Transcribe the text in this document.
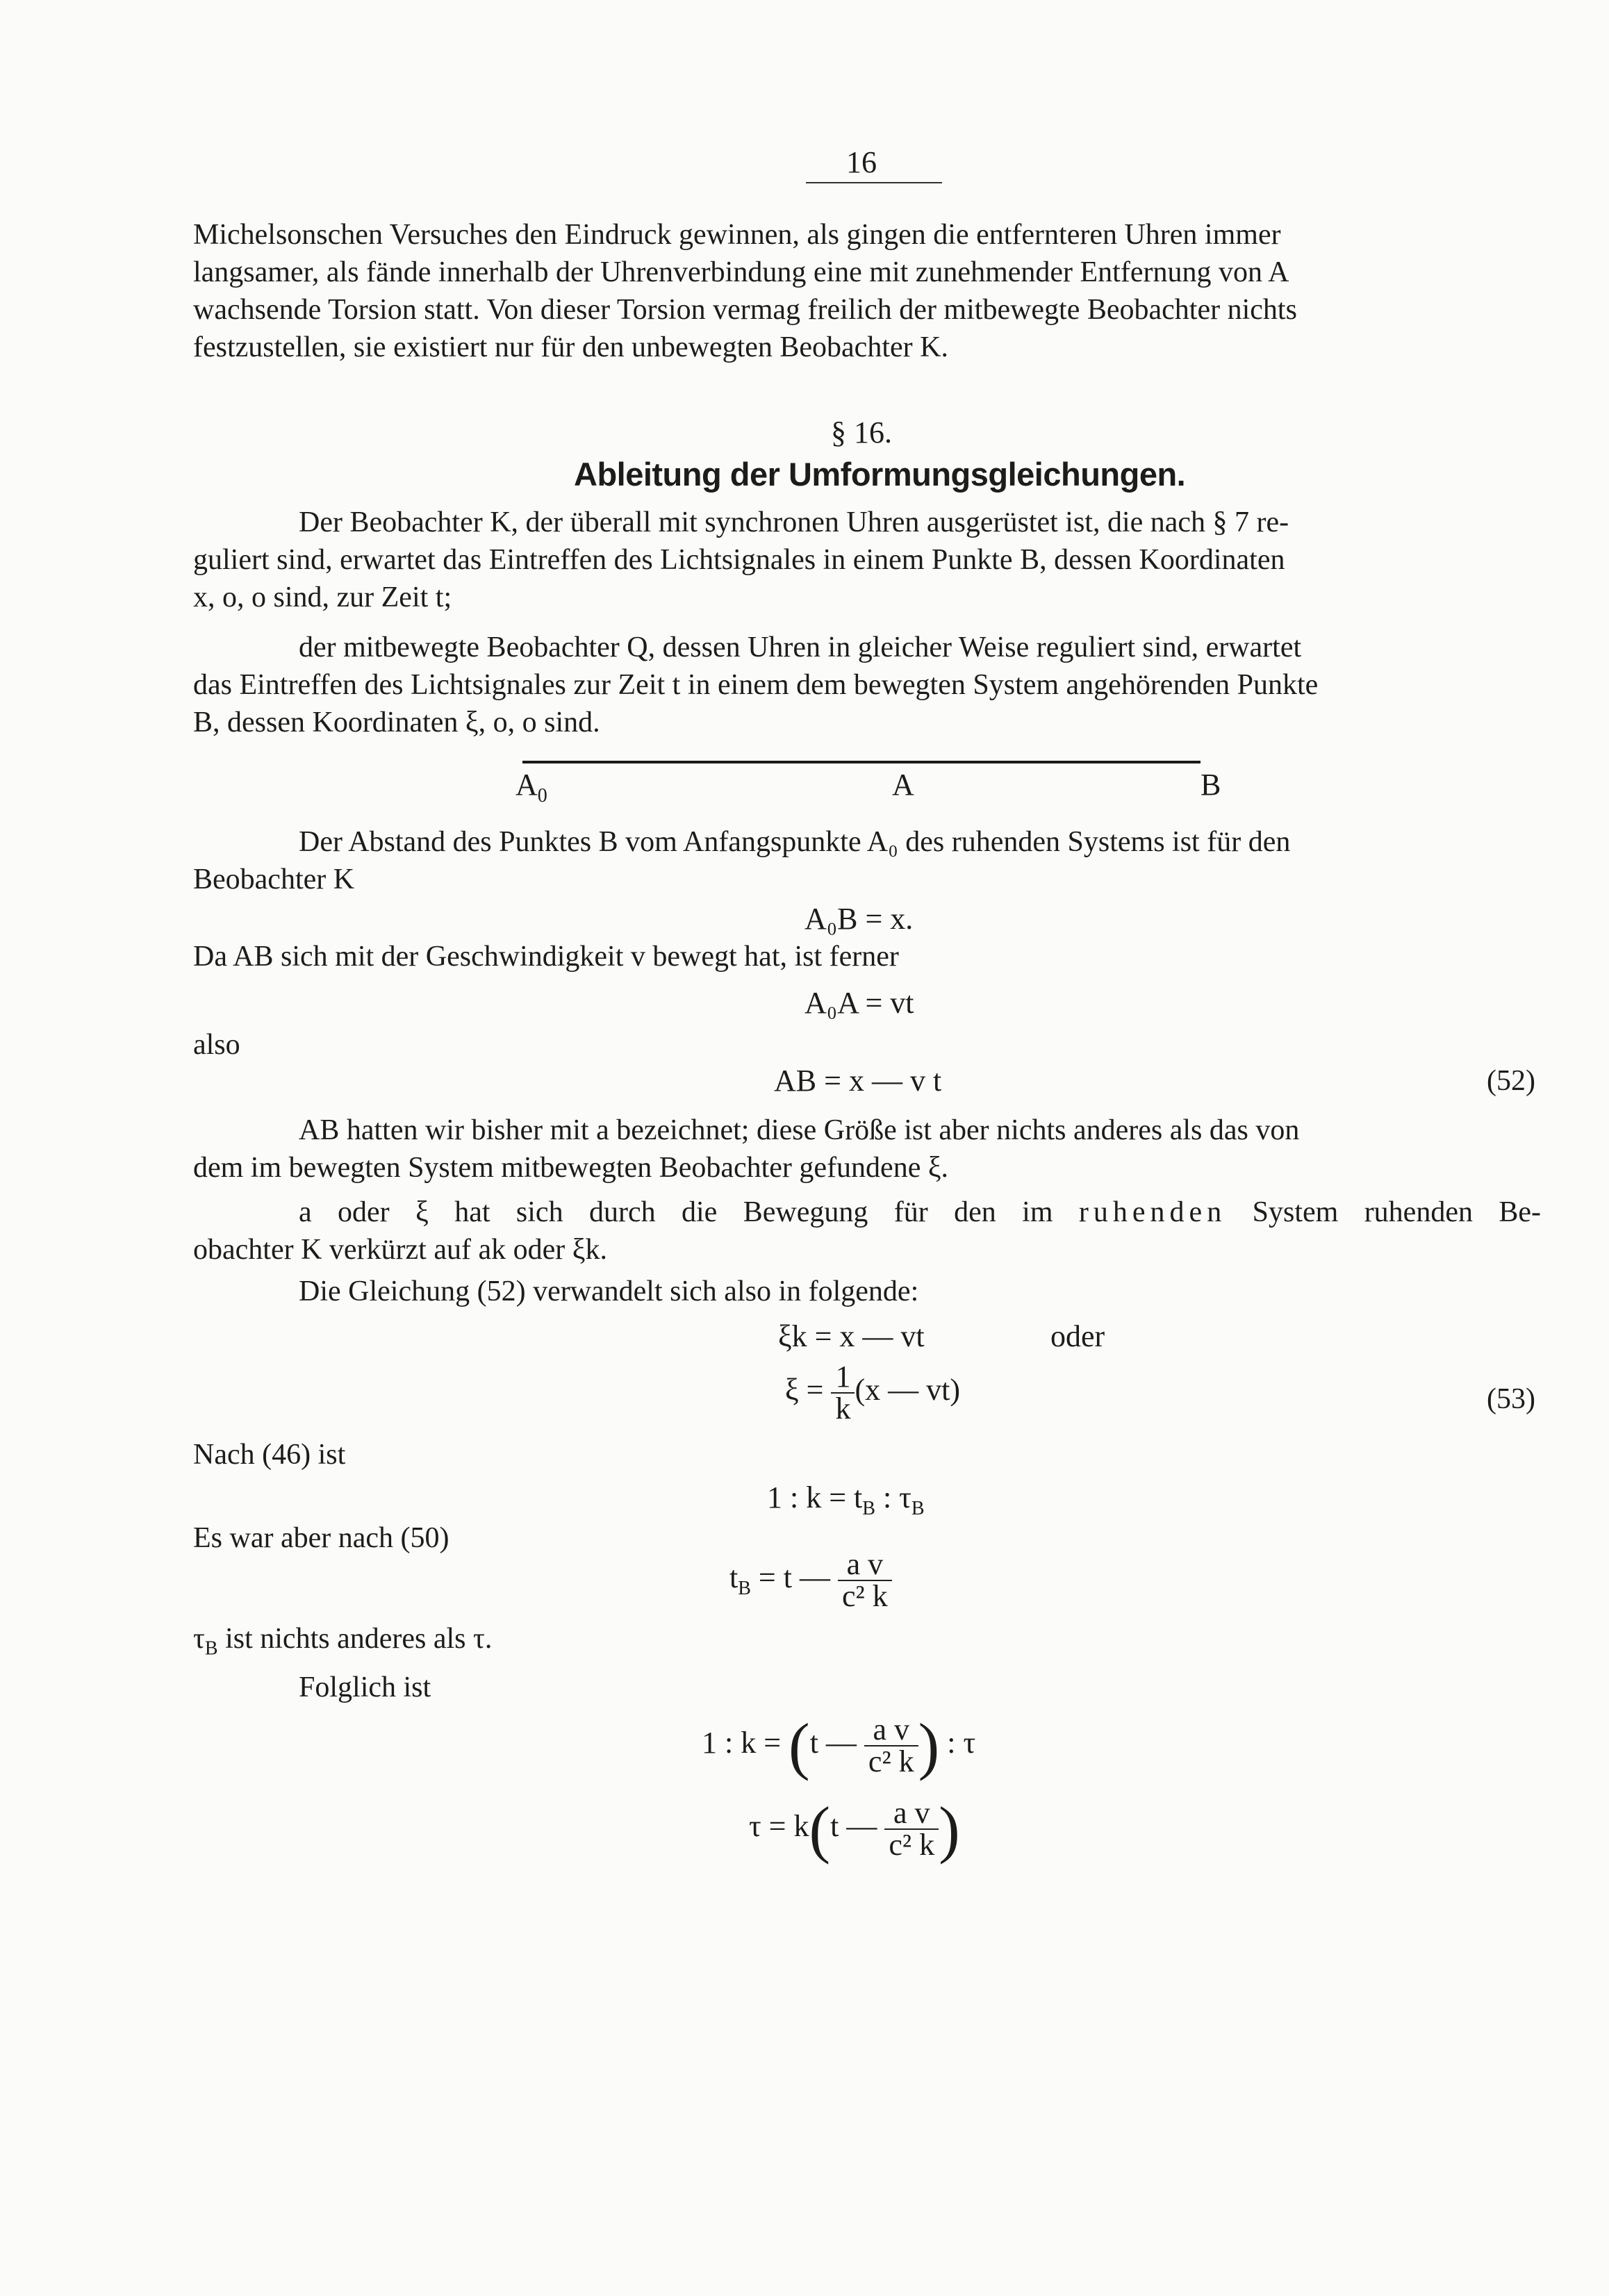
16
Michelsonschen Versuches den Eindruck gewinnen, als gingen die entfernteren Uhren immer
langsamer, als fände innerhalb der Uhrenverbindung eine mit zunehmender Entfernung von A
wachsende Torsion statt. Von dieser Torsion vermag freilich der mitbewegte Beobachter nichts
festzustellen, sie existiert nur für den unbewegten Beobachter K.
§ 16.
Ableitung der Umformungsgleichungen.
Der Beobachter K, der überall mit synchronen Uhren ausgerüstet ist, die nach § 7 re-
guliert sind, erwartet das Eintreffen des Lichtsignales in einem Punkte B, dessen Koordinaten
x, o, o sind, zur Zeit t;
der mitbewegte Beobachter Q, dessen Uhren in gleicher Weise reguliert sind, erwartet
das Eintreffen des Lichtsignales zur Zeit t in einem dem bewegten System angehörenden Punkte
B, dessen Koordinaten ξ, o, o sind.
$A_0$	A	B
Der Abstand des Punktes B vom Anfangspunkte A₀ des ruhenden Systems ist für den
Beobachter K
A₀B = x.
Da AB sich mit der Geschwindigkeit v bewegt hat, ist ferner
A₀A = vt
also
AB = x — v t	(52)
AB hatten wir bisher mit a bezeichnet; diese Größe ist aber nichts anderes als das von
dem im bewegten System mitbewegten Beobachter gefundene ξ.
a oder ξ hat sich durch die Bewegung für den im ruhenden System ruhenden Be-
obachter K verkürzt auf ak oder ξk.
Die Gleichung (52) verwandelt sich also in folgende:
ξk = x — vt	oder
$\xi = \frac{1}{k} (x$ — vt)	(53)
Nach (46) ist
1 : $k = t_B$ : $\tau_B$
Es war aber nach (50)
$t_B = t$ — $\frac{\text{a v}}{\text{c² k}}$
$\tau_B$ ist nichts anderes als τ.
Folglich ist
1 : k = (t — $\frac{\text{a v}}{\text{c² k}}$ ) : τ
τ = k(t — $\frac{\text{a v}}{\text{c² k}}$ )
